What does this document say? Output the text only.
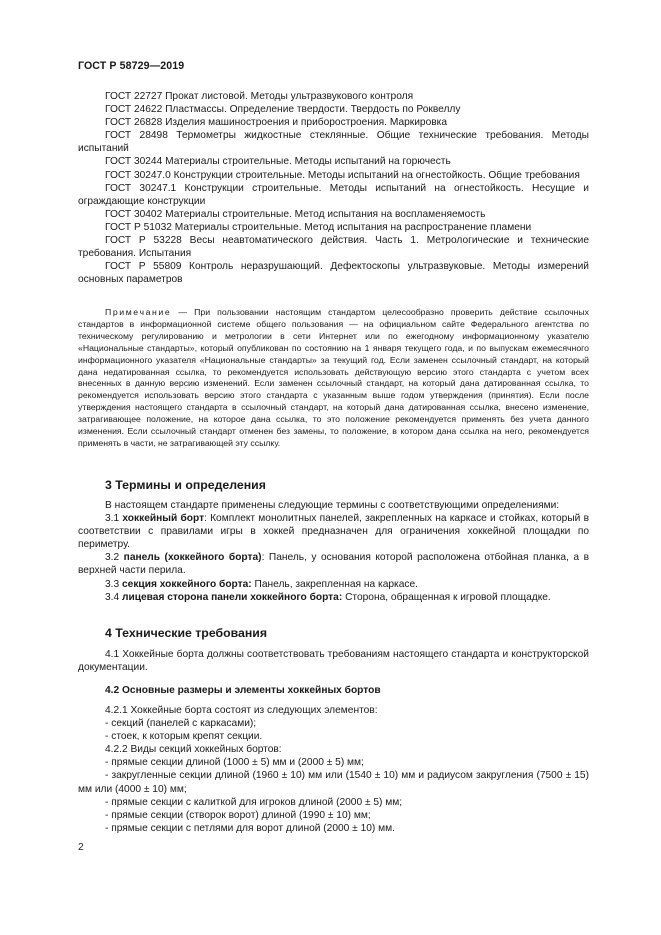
ГОСТ Р 58729—2019

ГОСТ 22727 Прокат листовой. Методы ультразвукового контроля

ГОСТ 24622 Пластмассы. Определение твердости. Твердость по Роквеллу

ГОСТ 26828 Изделия машиностроения и приборостроения. Маркировка

ГОСТ 28498 Термометры жидкостные стеклянные. Общие технические требования. Методы испытаний

ГОСТ 30244 Материалы строительные. Методы испытаний на горючесть

ГОСТ 30247.0 Конструкции строительные. Методы испытаний на огнестойкость. Общие требования

ГОСТ 30247.1 Конструкции строительные. Методы испытаний на огнестойкость. Несущие и ограждающие конструкции

ГОСТ 30402 Материалы строительные. Метод испытания на воспламеняемость

ГОСТ Р 51032 Материалы строительные. Метод испытания на распространение пламени

ГОСТ Р 53228 Весы неавтоматического действия. Часть 1. Метрологические и технические требования. Испытания

ГОСТ Р 55809 Контроль неразрушающий. Дефектоскопы ультразвуковые. Методы измерений основных параметров

Примечание — При пользовании настоящим стандартом целесообразно проверить действие ссылочных стандартов в информационной системе общего пользования — на официальном сайте Федерального агентства по техническому регулированию и метрологии в сети Интернет или по ежегодному информационному указателю «Национальные стандарты», который опубликован по состоянию на 1 января текущего года, и по выпускам ежемесячного информационного указателя «Национальные стандарты» за текущий год. Если заменен ссылочный стандарт, на который дана недатированная ссылка, то рекомендуется использовать действующую версию этого стандарта с учетом всех внесенных в данную версию изменений. Если заменен ссылочный стандарт, на который дана датированная ссылка, то рекомендуется использовать версию этого стандарта с указанным выше годом утверждения (принятия). Если после утверждения настоящего стандарта в ссылочный стандарт, на который дана датированная ссылка, внесено изменение, затрагивающее положение, на которое дана ссылка, то это положение рекомендуется применять без учета данного изменения. Если ссылочный стандарт отменен без замены, то положение, в котором дана ссылка на него, рекомендуется применять в части, не затрагивающей эту ссылку.

3 Термины и определения

В настоящем стандарте применены следующие термины с соответствующими определениями:

3.1 хоккейный борт: Комплект монолитных панелей, закрепленных на каркасе и стойках, который в соответствии с правилами игры в хоккей предназначен для ограничения хоккейной площадки по периметру.

3.2 панель (хоккейного борта): Панель, у основания которой расположена отбойная планка, а в верхней части перила.

3.3 секция хоккейного борта: Панель, закрепленная на каркасе.

3.4 лицевая сторона панели хоккейного борта: Сторона, обращенная к игровой площадке.

4 Технические требования

4.1 Хоккейные борта должны соответствовать требованиям настоящего стандарта и конструкторской документации.

4.2 Основные размеры и элементы хоккейных бортов

4.2.1 Хоккейные борта состоят из следующих элементов:

- секций (панелей с каркасами);

- стоек, к которым крепят секции.

4.2.2 Виды секций хоккейных бортов:

- прямые секции длиной (1000 ± 5) мм и (2000 ± 5) мм;

- закругленные секции длиной (1960 ± 10) мм или (1540 ± 10) мм и радиусом закругления (7500 ± 15) мм или (4000 ± 10) мм;

- прямые секции с калиткой для игроков длиной (2000 ± 5) мм;

- прямые секции (створок ворот) длиной (1990 ± 10) мм;

- прямые секции с петлями для ворот длиной (2000 ± 10) мм.

2
